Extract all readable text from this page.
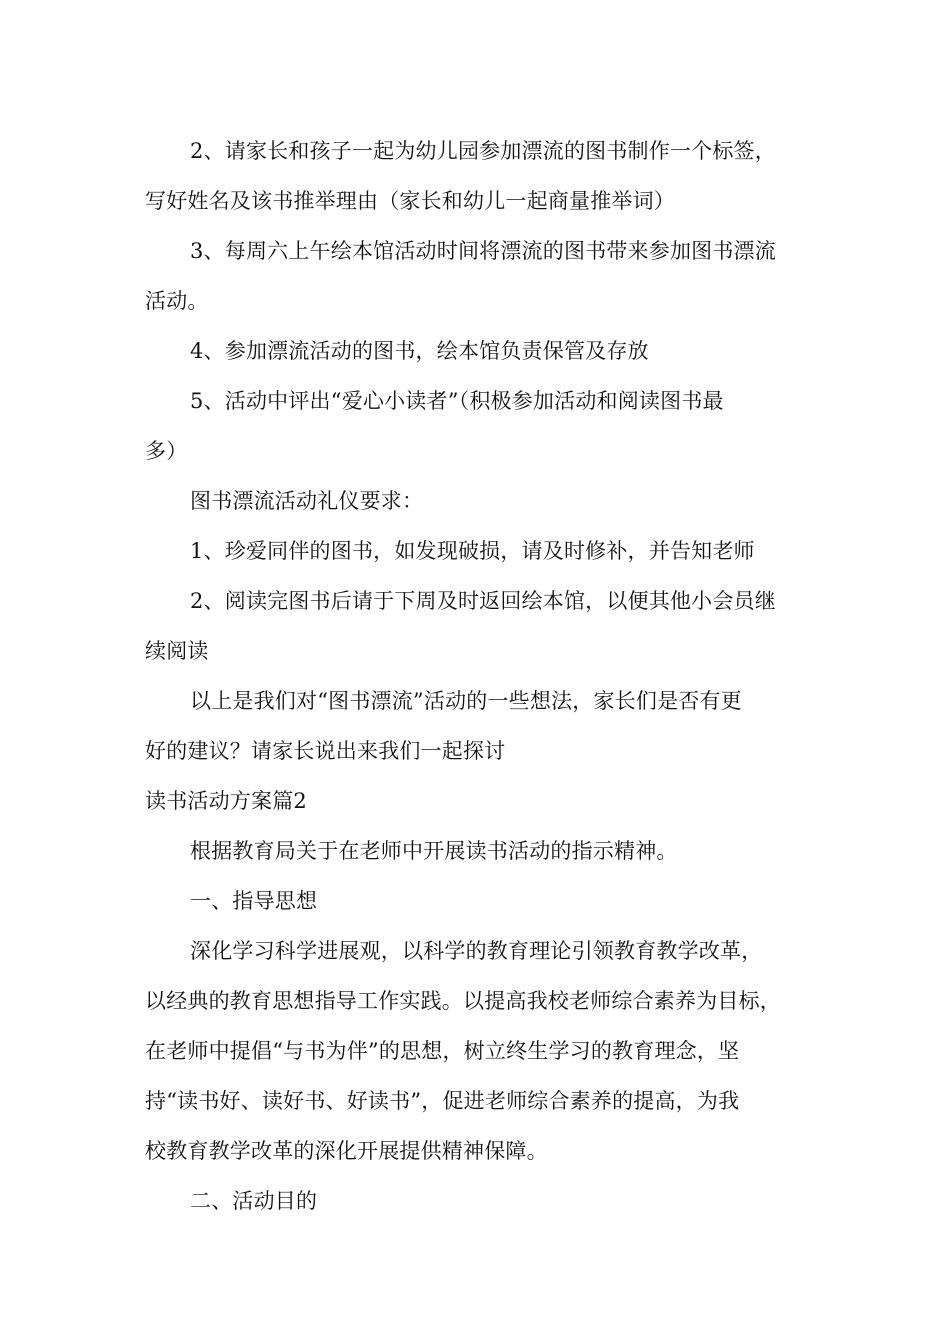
2、请家长和孩子一起为幼儿园参加漂流的图书制作一个标签，
写好姓名及该书推举理由（家长和幼儿一起商量推举词）
3、每周六上午绘本馆活动时间将漂流的图书带来参加图书漂流
活动。
4、参加漂流活动的图书，绘本馆负责保管及存放
5、活动中评出“爱心小读者”（积极参加活动和阅读图书最
多）
图书漂流活动礼仪要求：
1、珍爱同伴的图书，如发现破损，请及时修补，并告知老师
2、阅读完图书后请于下周及时返回绘本馆，以便其他小会员继
续阅读
以上是我们对“图书漂流”活动的一些想法，家长们是否有更
好的建议？请家长说出来我们一起探讨
读书活动方案篇2
根据教育局关于在老师中开展读书活动的指示精神。
一、指导思想
深化学习科学进展观，以科学的教育理论引领教育教学改革，
以经典的教育思想指导工作实践。以提高我校老师综合素养为目标，
在老师中提倡“与书为伴”的思想，树立终生学习的教育理念，坚
持“读书好、读好书、好读书”，促进老师综合素养的提高，为我
校教育教学改革的深化开展提供精神保障。
二、活动目的
